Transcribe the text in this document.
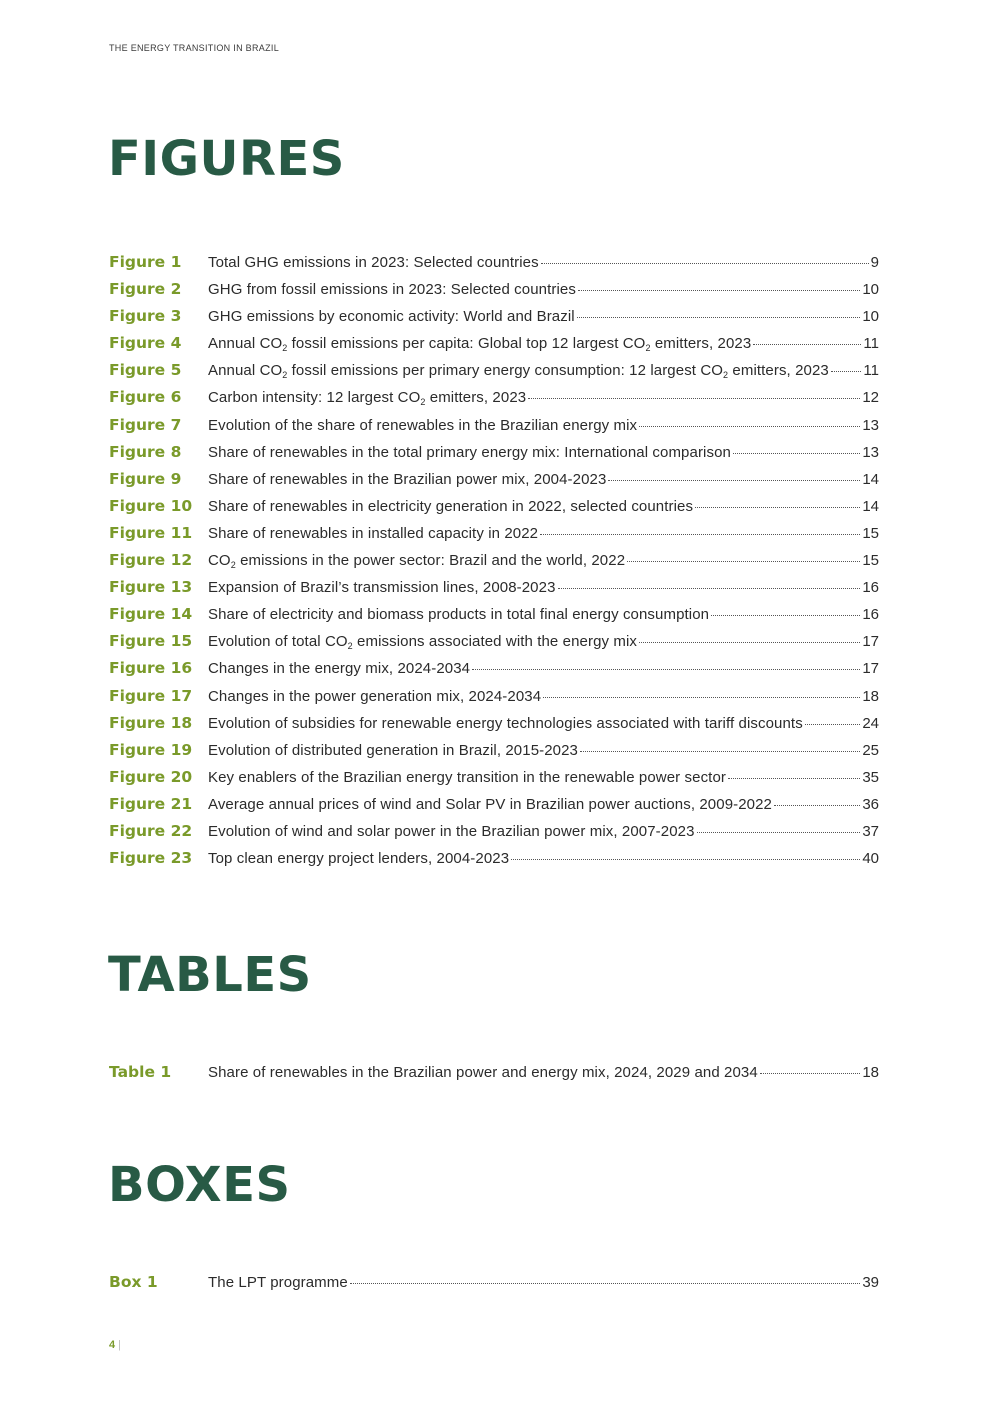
THE ENERGY TRANSITION IN BRAZIL
FIGURES
Figure 1	Total GHG emissions in 2023: Selected countries	9
Figure 2	GHG from fossil emissions in 2023: Selected countries	10
Figure 3	GHG emissions by economic activity: World and Brazil	10
Figure 4	Annual $CO_2$ fossil emissions per capita: Global top 12 largest $CO_2$ emitters, 2023	11
Figure 5	Annual $CO_2$ fossil emissions per primary energy consumption: 12 largest $CO_2$ emitters, 2023 11
Figure 6	Carbon intensity: 12 largest $CO_2$ emitters, 2023	12
Figure 7	Evolution of the share of renewables in the Brazilian energy mix	13
Figure 8	Share of renewables in the total primary energy mix: International comparison	13
Figure 9	Share of renewables in the Brazilian power mix, 2004-2023	14
Figure 10	Share of renewables in electricity generation in 2022, selected countries	14
Figure 11	Share of renewables in installed capacity in 2022	15
Figure 12	$CO_2$ emissions in the power sector: Brazil and the world, 2022	15
Figure 13	Expansion of Brazil’s transmission lines, 2008-2023	16
Figure 14	Share of electricity and biomass products in total final energy consumption	16
Figure 15	Evolution of total $CO_2$ emissions associated with the energy mix	17
Figure 16	Changes in the energy mix, 2024-2034	17
Figure 17	Changes in the power generation mix, 2024-2034	18
Figure 18	Evolution of subsidies for renewable energy technologies associated with tariff discounts	24
Figure 19	Evolution of distributed generation in Brazil, 2015-2023	25
Figure 20	Key enablers of the Brazilian energy transition in the renewable power sector	35
Figure 21	Average annual prices of wind and Solar PV in Brazilian power auctions, 2009-2022	36
Figure 22	Evolution of wind and solar power in the Brazilian power mix, 2007-2023	37
Figure 23	Top clean energy project lenders, 2004-2023	40
TABLES
Table 1	Share of renewables in the Brazilian power and energy mix, 2024, 2029 and 2034	18
BOXES
Box 1	The LPT programme	39
4 |
